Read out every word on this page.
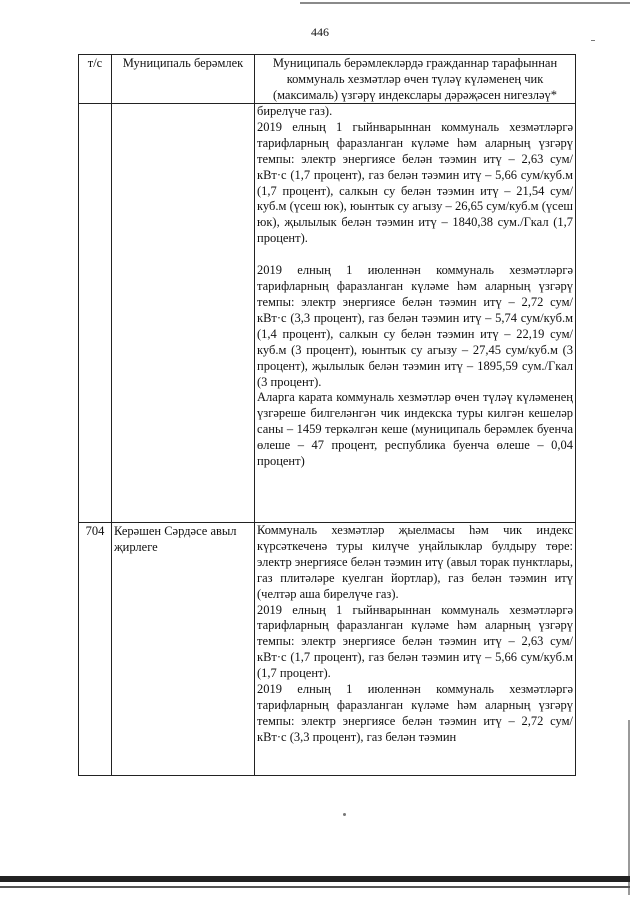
446
т/с	Муниципаль берәмлек	Муниципаль берәмлекләрдә гражданнар тарафыннан коммуналь хезмәтләр өчен түләү күләменең чик (максималь) үзгәрү индекслары дәрәҗәсен нигезләү*

		бирелүче газ).

2019 елның 1 гыйнварыннан коммуналь хезмәтләргә тарифларның фаразланган күләме һәм аларның үзгәрү темпы: электр энергиясе белән тәэмин итү – 2,63 сум/кВт·с (1,7 процент), газ белән тәэмин итү – 5,66 сум/куб.м (1,7 процент), салкын су белән тәэмин итү – 21,54 сум/куб.м (үсеш юк), юынтык су агызу – 26,65 сум/куб.м (үсеш юк), җылылык белән тәэмин итү – 1840,38 сум./Гкал (1,7 процент).

2019 елның 1 июленнән коммуналь хезмәтләргә тарифларның фаразланган күләме һәм аларның үзгәрү темпы: электр энергиясе белән тәэмин итү – 2,72 сум/кВт·с (3,3 процент), газ белән тәэмин итү – 5,74 сум/куб.м (1,4 процент), салкын су белән тәэмин итү – 22,19 сум/куб.м (3 процент), юынтык су агызу – 27,45 сум/куб.м (3 процент), җылылык белән тәэмин итү – 1895,59 сум./Гкал (3 процент).

Аларга карата коммуналь хезмәтләр өчен түләү күләменең үзгәреше билгеләнгән чик индекска туры килгән кешеләр саны – 1459 теркәлгән кеше (муниципаль берәмлек буенча өлеше – 47 процент, республика буенча өлеше – 0,04 процент)

704	Керәшен Сәрдәсе авыл җирлеге	Коммуналь хезмәтләр җыелмасы һәм чик индекс күрсәткеченә туры килүче уңайлыклар булдыру төре: электр энергиясе белән тәэмин итү (авыл торак пунктлары, газ плитәләре куелган йортлар), газ белән тәэмин итү (челтәр аша бирелүче газ).

2019 елның 1 гыйнварыннан коммуналь хезмәтләргә тарифларның фаразланган күләме һәм аларның үзгәрү темпы: электр энергиясе белән тәэмин итү – 2,63 сум/кВт·с (1,7 процент), газ белән тәэмин итү – 5,66 сум/куб.м (1,7 процент).

2019 елның 1 июленнән коммуналь хезмәтләргә тарифларның фаразланган күләме һәм аларның үзгәрү темпы: электр энергиясе белән тәэмин итү – 2,72 сум/кВт·с (3,3 процент), газ белән тәэмин
